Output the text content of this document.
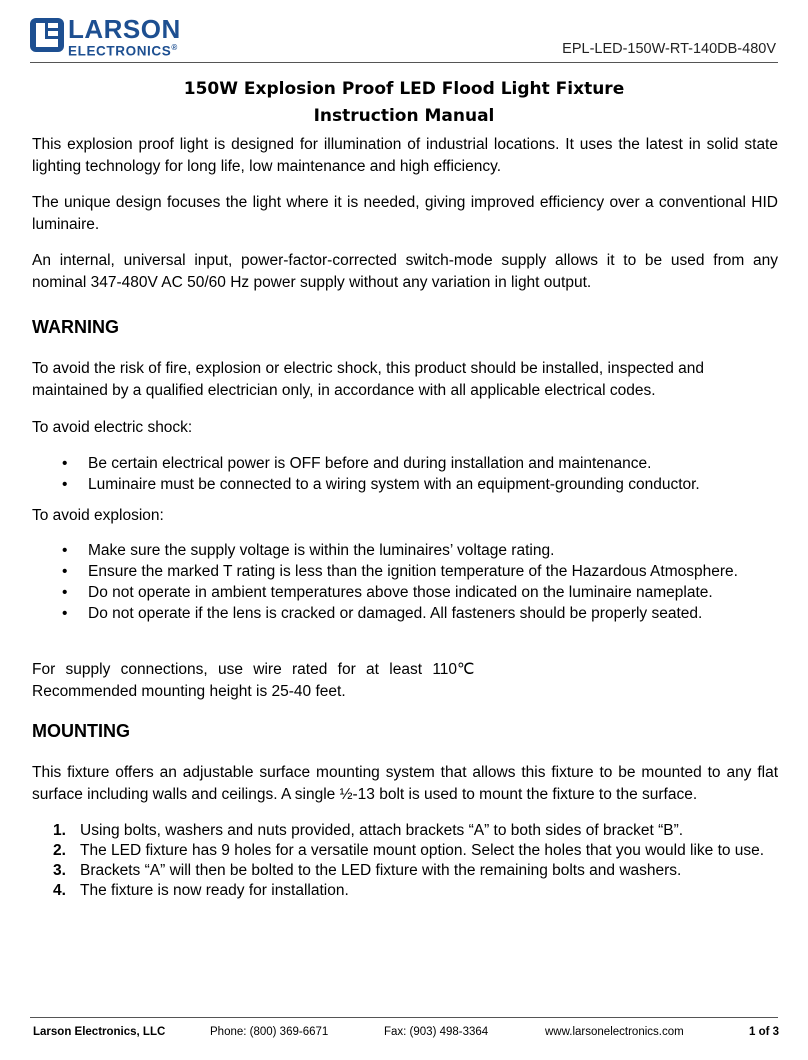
LARSON
ELECTRONICS®	EPL-LED-150W-RT-140DB-480V
150W Explosion Proof LED Flood Light Fixture
Instruction Manual

This explosion proof light is designed for illumination of industrial locations. It uses the latest in solid state lighting technology for long life, low maintenance and high efficiency.

The unique design focuses the light where it is needed, giving improved efficiency over a conventional HID luminaire.

An internal, universal input, power-factor-corrected switch-mode supply allows it to be used from any nominal 347-480V AC 50/60 Hz power supply without any variation in light output.

WARNING

To avoid the risk of fire, explosion or electric shock, this product should be installed, inspected and maintained by a qualified electrician only, in accordance with all applicable electrical codes.

To avoid electric shock:
• Be certain electrical power is OFF before and during installation and maintenance.
• Luminaire must be connected to a wiring system with an equipment-grounding conductor.
To avoid explosion:
• Make sure the supply voltage is within the luminaires’ voltage rating.
• Ensure the marked T rating is less than the ignition temperature of the Hazardous Atmosphere.
• Do not operate in ambient temperatures above those indicated on the luminaire nameplate.
• Do not operate if the lens is cracked or damaged. All fasteners should be properly seated.

For supply connections, use wire rated for at least 110℃

Recommended mounting height is 25-40 feet.
MOUNTING

This fixture offers an adjustable surface mounting system that allows this fixture to be mounted to any flat surface including walls and ceilings. A single ½-13 bolt is used to mount the fixture to the surface.

1. Using bolts, washers and nuts provided, attach brackets “A” to both sides of bracket “B”.
2. The LED fixture has 9 holes for a versatile mount option. Select the holes that you would like to use.
3. Brackets “A” will then be bolted to the LED fixture with the remaining bolts and washers.
4. The fixture is now ready for installation.
Larson Electronics, LLC	Phone: (800) 369-6671	Fax: (903) 498-3364	www.larsonelectronics.com	1 of 3
